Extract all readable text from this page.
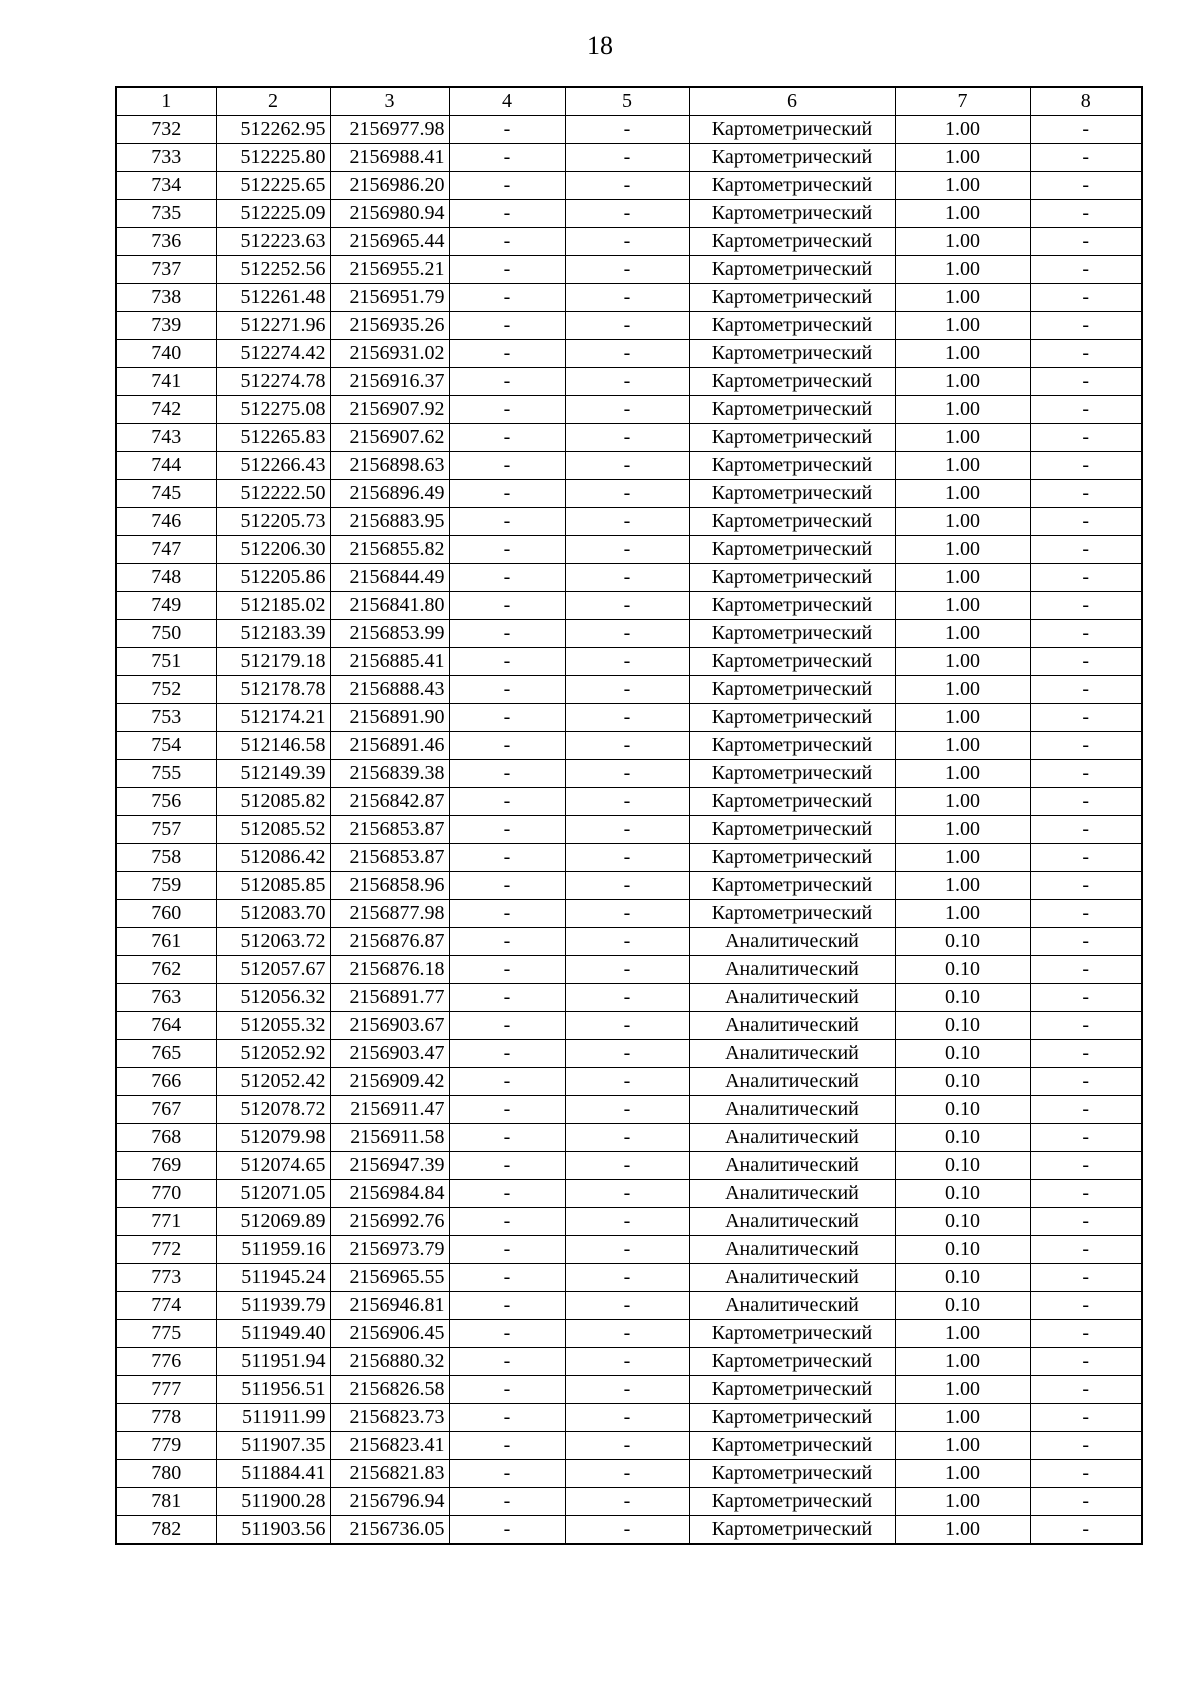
18
1	2	3	4	5	6	7	8
732	512262.95	2156977.98	-	-	Картометрический	1.00	-
733	512225.80	2156988.41	-	-	Картометрический	1.00	-
734	512225.65	2156986.20	-	-	Картометрический	1.00	-
735	512225.09	2156980.94	-	-	Картометрический	1.00	-
736	512223.63	2156965.44	-	-	Картометрический	1.00	-
737	512252.56	2156955.21	-	-	Картометрический	1.00	-
738	512261.48	2156951.79	-	-	Картометрический	1.00	-
739	512271.96	2156935.26	-	-	Картометрический	1.00	-
740	512274.42	2156931.02	-	-	Картометрический	1.00	-
741	512274.78	2156916.37	-	-	Картометрический	1.00	-
742	512275.08	2156907.92	-	-	Картометрический	1.00	-
743	512265.83	2156907.62	-	-	Картометрический	1.00	-
744	512266.43	2156898.63	-	-	Картометрический	1.00	-
745	512222.50	2156896.49	-	-	Картометрический	1.00	-
746	512205.73	2156883.95	-	-	Картометрический	1.00	-
747	512206.30	2156855.82	-	-	Картометрический	1.00	-
748	512205.86	2156844.49	-	-	Картометрический	1.00	-
749	512185.02	2156841.80	-	-	Картометрический	1.00	-
750	512183.39	2156853.99	-	-	Картометрический	1.00	-
751	512179.18	2156885.41	-	-	Картометрический	1.00	-
752	512178.78	2156888.43	-	-	Картометрический	1.00	-
753	512174.21	2156891.90	-	-	Картометрический	1.00	-
754	512146.58	2156891.46	-	-	Картометрический	1.00	-
755	512149.39	2156839.38	-	-	Картометрический	1.00	-
756	512085.82	2156842.87	-	-	Картометрический	1.00	-
757	512085.52	2156853.87	-	-	Картометрический	1.00	-
758	512086.42	2156853.87	-	-	Картометрический	1.00	-
759	512085.85	2156858.96	-	-	Картометрический	1.00	-
760	512083.70	2156877.98	-	-	Картометрический	1.00	-
761	512063.72	2156876.87	-	-	Аналитический	0.10	-
762	512057.67	2156876.18	-	-	Аналитический	0.10	-
763	512056.32	2156891.77	-	-	Аналитический	0.10	-
764	512055.32	2156903.67	-	-	Аналитический	0.10	-
765	512052.92	2156903.47	-	-	Аналитический	0.10	-
766	512052.42	2156909.42	-	-	Аналитический	0.10	-
767	512078.72	2156911.47	-	-	Аналитический	0.10	-
768	512079.98	2156911.58	-	-	Аналитический	0.10	-
769	512074.65	2156947.39	-	-	Аналитический	0.10	-
770	512071.05	2156984.84	-	-	Аналитический	0.10	-
771	512069.89	2156992.76	-	-	Аналитический	0.10	-
772	511959.16	2156973.79	-	-	Аналитический	0.10	-
773	511945.24	2156965.55	-	-	Аналитический	0.10	-
774	511939.79	2156946.81	-	-	Аналитический	0.10	-
775	511949.40	2156906.45	-	-	Картометрический	1.00	-
776	511951.94	2156880.32	-	-	Картометрический	1.00	-
777	511956.51	2156826.58	-	-	Картометрический	1.00	-
778	511911.99	2156823.73	-	-	Картометрический	1.00	-
779	511907.35	2156823.41	-	-	Картометрический	1.00	-
780	511884.41	2156821.83	-	-	Картометрический	1.00	-
781	511900.28	2156796.94	-	-	Картометрический	1.00	-
782	511903.56	2156736.05	-	-	Картометрический	1.00	-
